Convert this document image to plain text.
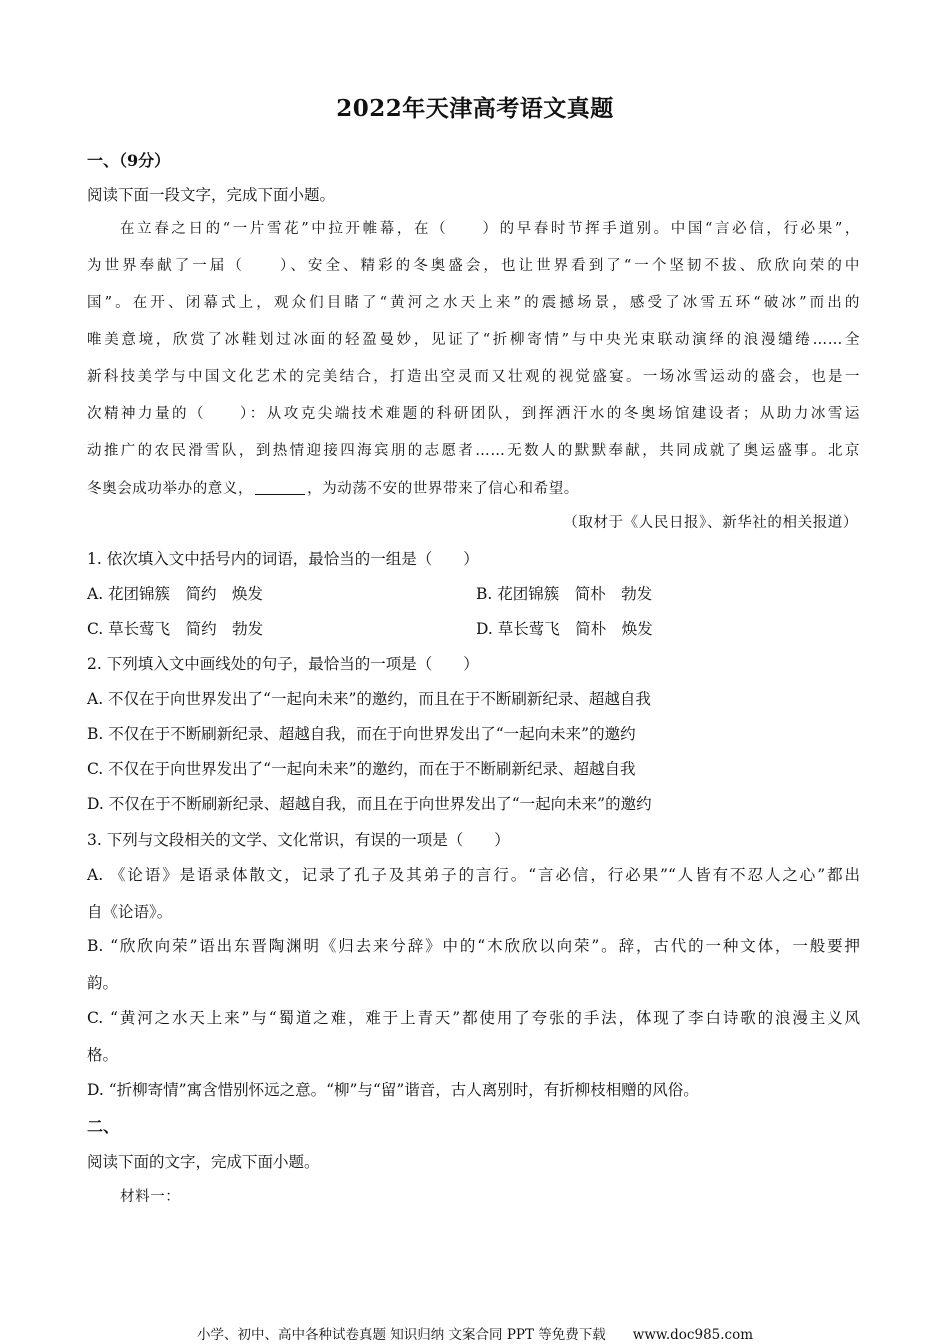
2022年天津高考语文真题
一、（9分）
阅读下面一段文字，完成下面小题。
在立春之日的“一片雪花”中拉开帷幕，在（　　）的早春时节挥手道别。中国“言必信，行必果”，
为世界奉献了一届（　　）、安全、精彩的冬奥盛会，也让世界看到了“一个坚韧不拔、欣欣向荣的中
国”。在开、闭幕式上，观众们目睹了“黄河之水天上来”的震撼场景，感受了冰雪五环“破冰”而出的
唯美意境，欣赏了冰鞋划过冰面的轻盈曼妙，见证了“折柳寄情”与中央光束联动演绎的浪漫缱绻……全
新科技美学与中国文化艺术的完美结合，打造出空灵而又壮观的视觉盛宴。一场冰雪运动的盛会，也是一
次精神力量的（　　）：从攻克尖端技术难题的科研团队，到挥洒汗水的冬奥场馆建设者；从助力冰雪运
动推广的农民滑雪队，到热情迎接四海宾朋的志愿者……无数人的默默奉献，共同成就了奥运盛事。北京
冬奥会成功举办的意义，	，为动荡不安的世界带来了信心和希望。
（取材于《人民日报》、新华社的相关报道）
1. 依次填入文中括号内的词语，最恰当的一组是（　　）
A. 花团锦簇　简约　焕发	B. 花团锦簇　简朴　勃发
C. 草长莺飞　简约　勃发	D. 草长莺飞　简朴　焕发
2. 下列填入文中画线处的句子，最恰当的一项是（　　）
A. 不仅在于向世界发出了“一起向未来”的邀约，而且在于不断刷新纪录、超越自我
B. 不仅在于不断刷新纪录、超越自我，而在于向世界发出了“一起向未来”的邀约
C. 不仅在于向世界发出了“一起向未来”的邀约，而在于不断刷新纪录、超越自我
D. 不仅在于不断刷新纪录、超越自我，而且在于向世界发出了“一起向未来”的邀约
3. 下列与文段相关的文学、文化常识，有误的一项是（　　）
A. 《论语》是语录体散文，记录了孔子及其弟子的言行。“言必信，行必果”“人皆有不忍人之心”都出
自《论语》。
B. “欣欣向荣”语出东晋陶渊明《归去来兮辞》中的“木欣欣以向荣”。辞，古代的一种文体，一般要押
韵。
C. “黄河之水天上来”与“蜀道之难，难于上青天”都使用了夸张的手法，体现了李白诗歌的浪漫主义风
格。
D. “折柳寄情”寓含惜别怀远之意。“柳”与“留”谐音，古人离别时，有折柳枝相赠的风俗。
二、
阅读下面的文字，完成下面小题。
材料一：
小学、初中、高中各种试卷真题 知识归纳 文案合同 PPT 等免费下载　　www.doc985.com
